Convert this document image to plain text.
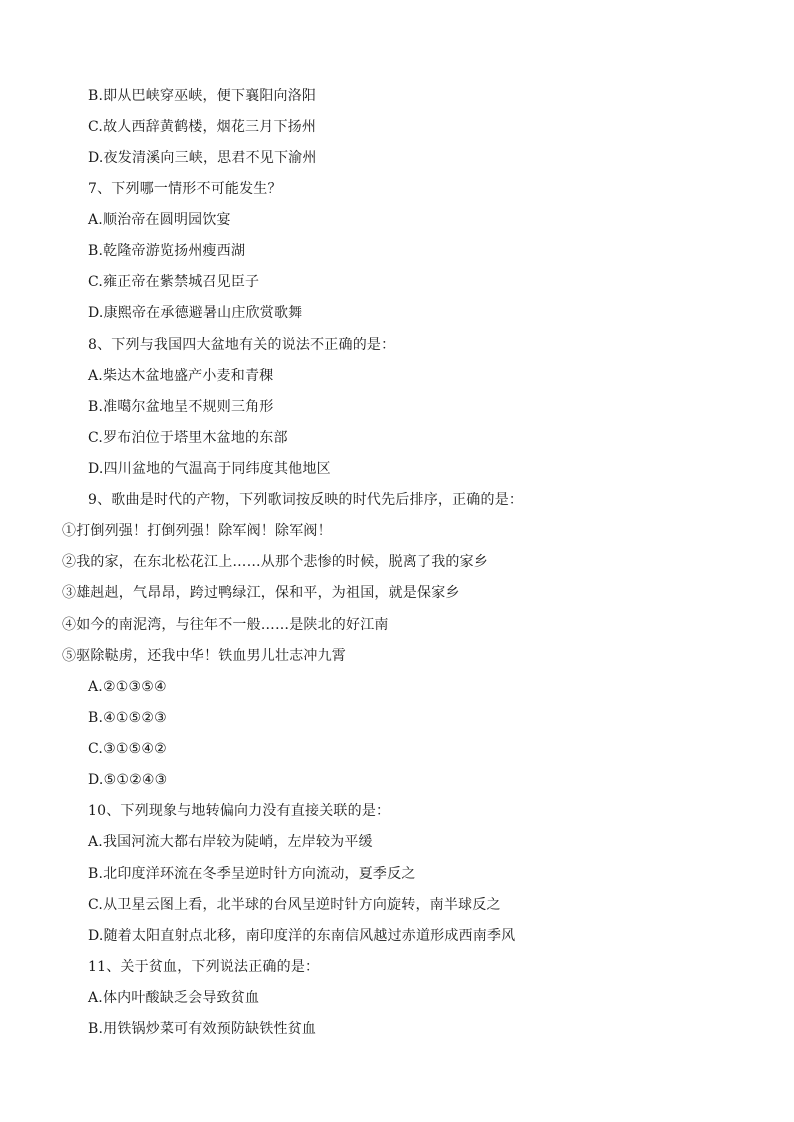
B.即从巴峡穿巫峡，便下襄阳向洛阳
C.故人西辞黄鹤楼，烟花三月下扬州
D.夜发清溪向三峡，思君不见下渝州
7、下列哪一情形不可能发生？
A.顺治帝在圆明园饮宴
B.乾隆帝游览扬州瘦西湖
C.雍正帝在紫禁城召见臣子
D.康熙帝在承德避暑山庄欣赏歌舞
8、下列与我国四大盆地有关的说法不正确的是：
A.柴达木盆地盛产小麦和青稞
B.准噶尔盆地呈不规则三角形
C.罗布泊位于塔里木盆地的东部
D.四川盆地的气温高于同纬度其他地区
9、歌曲是时代的产物，下列歌词按反映的时代先后排序，正确的是：
①打倒列强！打倒列强！除军阀！除军阀！
②我的家，在东北松花江上……从那个悲惨的时候，脱离了我的家乡
③雄赳赳，气昂昂，跨过鸭绿江，保和平，为祖国，就是保家乡
④如今的南泥湾，与往年不一般……是陕北的好江南
⑤驱除鞑虏，还我中华！铁血男儿壮志冲九霄
A.②①③⑤④
B.④①⑤②③
C.③①⑤④②
D.⑤①②④③
10、下列现象与地转偏向力没有直接关联的是：
A.我国河流大都右岸较为陡峭，左岸较为平缓
B.北印度洋环流在冬季呈逆时针方向流动，夏季反之
C.从卫星云图上看，北半球的台风呈逆时针方向旋转，南半球反之
D.随着太阳直射点北移，南印度洋的东南信风越过赤道形成西南季风
11、关于贫血，下列说法正确的是：
A.体内叶酸缺乏会导致贫血
B.用铁锅炒菜可有效预防缺铁性贫血
